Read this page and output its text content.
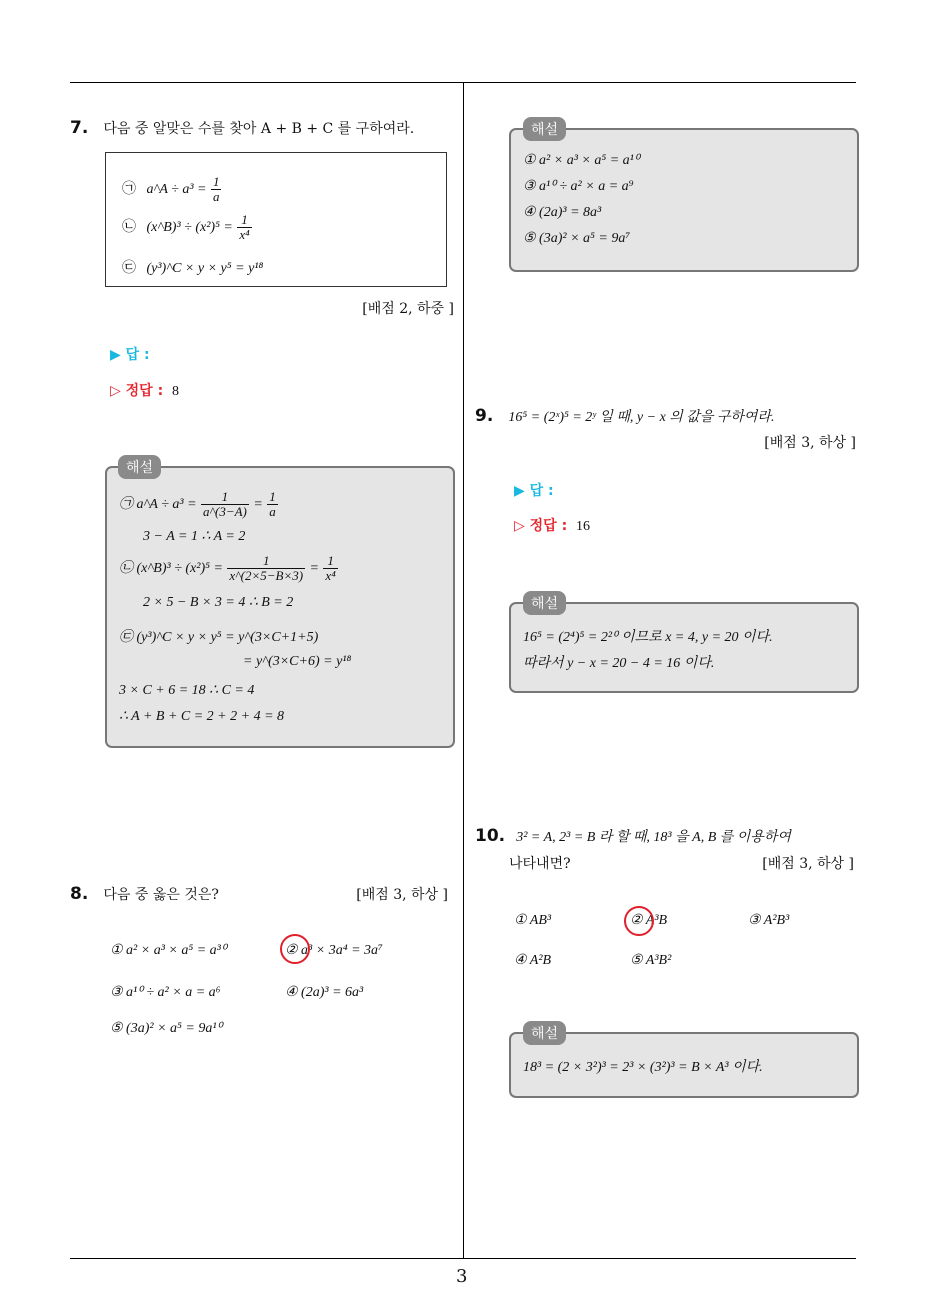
7. 다음 중 알맞은 수를 찾아 A + B + C 를 구하여라.
㉠ a^A ÷ $a^3 = \frac{1}{a}$
㉡ (x^B)³ ÷ $(x^2)^5 = \frac{1}{\text{x⁴}}$
㉢ (y³)^C × y × y⁵ = y¹⁸
[배점 2, 하중 ]
▶ 답 :
▷ 정답 : 8
㉠ a^A ÷ $a^3 = \frac{1}{a\^{}(3-A)} = \frac{1}{a}$
3 − A = 1 ∴ A = 2
㉡ (x^B)³ ÷ $(x^2)^5 = \frac{1}{x\^{}(2\times 5-B\times 3)} = \frac{1}{\text{x⁴}}$
2 × 5 − B × 3 = 4 ∴ B = 2
㉢ (y³)^C × y × y⁵ = y^(3×C+1+5)
= y^(3×C+6) = y¹⁸
3 × C + 6 = 18 ∴ C = 4
∴ A + B + C = 2 + 2 + 4 = 8
해설
8. 다음 중 옳은 것은?	[배점 3, 하상 ]
① a² × a³ × a⁵ = a³⁰	② a³ × 3a⁴ = 3a⁷
③ a¹⁰ ÷ a² × a = a⁶	④ (2a)³ = 6a³
⑤ (3a)² × a⁵ = 9a¹⁰
① a² × a³ × a⁵ = a¹⁰
③ a¹⁰ ÷ a² × a = a⁹
④ (2a)³ = 8a³
⑤ (3a)² × a⁵ = 9a⁷
해설
9. 16⁵ = (2ˣ)⁵ = 2ʸ 일 때, y − x 의 값을 구하여라.
[배점 3, 하상 ]
▶ 답 :
▷ 정답 : 16
16⁵ = (2⁴)⁵ = 2²⁰ 이므로 x = 4, y = 20 이다.
따라서 y − x = 20 − 4 = 16 이다.
해설
10. 3² = A, 2³ = B 라 할 때, 18³ 을 A, B 를 이용하여
나타내면?	[배점 3, 하상 ]
① AB³	② A³B	③ A²B³
④ A²B	⑤ A³B²
18³ = (2 × 3²)³ = 2³ × (3²)³ = B × A³ 이다.
해설
3
